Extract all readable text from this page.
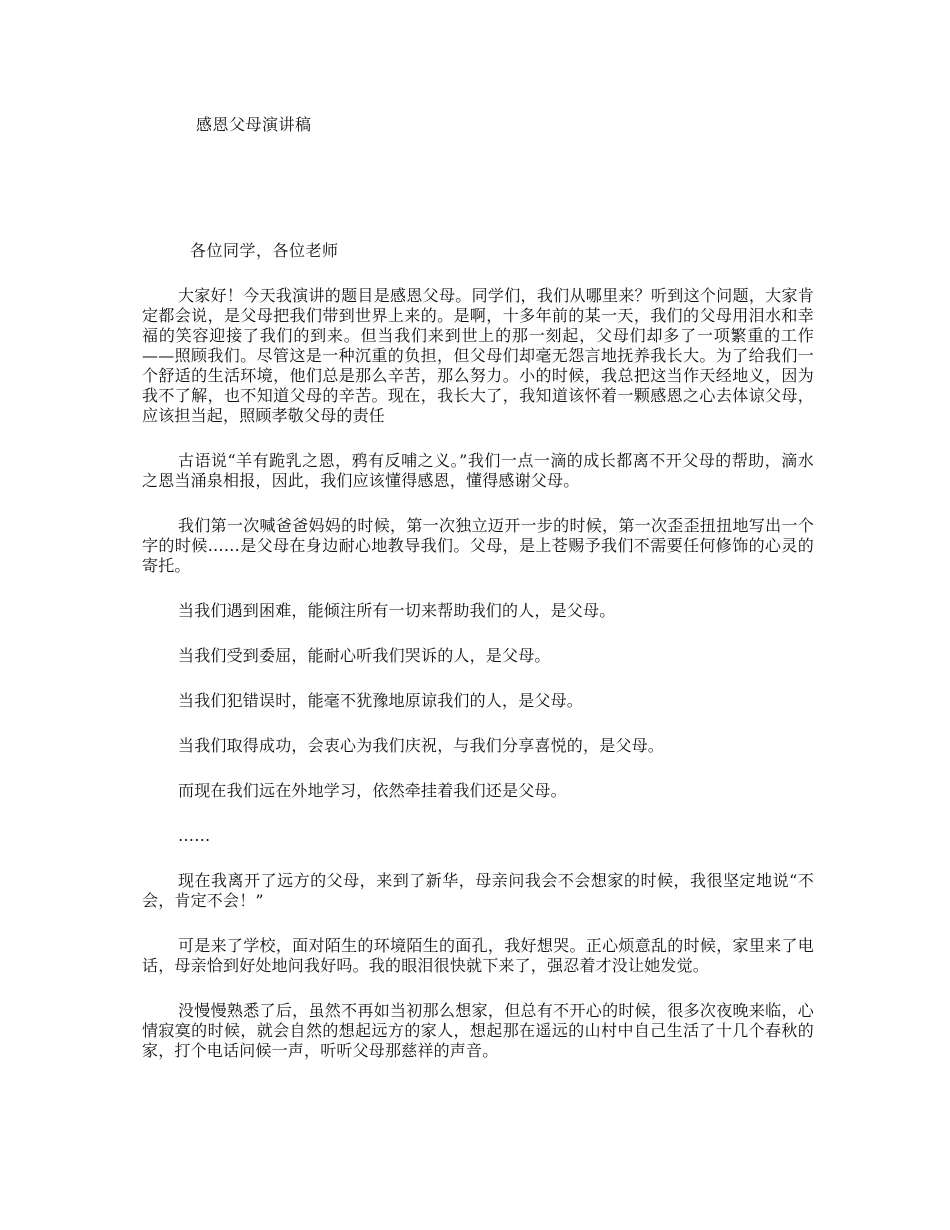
感恩父母演讲稿
各位同学，各位老师

大家好！今天我演讲的题目是感恩父母。同学们，我们从哪里来？听到这个问题，大家肯定都会说，是父母把我们带到世界上来的。是啊，十多年前的某一天，我们的父母用泪水和幸福的笑容迎接了我们的到来。但当我们来到世上的那一刻起，父母们却多了一项繁重的工作——照顾我们。尽管这是一种沉重的负担，但父母们却毫无怨言地抚养我长大。为了给我们一个舒适的生活环境，他们总是那么辛苦，那么努力。小的时候，我总把这当作天经地义，因为我不了解，也不知道父母的辛苦。现在，我长大了，我知道该怀着一颗感恩之心去体谅父母，应该担当起，照顾孝敬父母的责任

古语说“羊有跪乳之恩，鸦有反哺之义。”我们一点一滴的成长都离不开父母的帮助，滴水之恩当涌泉相报，因此，我们应该懂得感恩，懂得感谢父母。

我们第一次喊爸爸妈妈的时候，第一次独立迈开一步的时候，第一次歪歪扭扭地写出一个字的时候……是父母在身边耐心地教导我们。父母，是上苍赐予我们不需要任何修饰的心灵的寄托。

当我们遇到困难，能倾注所有一切来帮助我们的人，是父母。

当我们受到委屈，能耐心听我们哭诉的人，是父母。

当我们犯错误时，能毫不犹豫地原谅我们的人，是父母。

当我们取得成功，会衷心为我们庆祝，与我们分享喜悦的，是父母。

而现在我们远在外地学习，依然牵挂着我们还是父母。

……

现在我离开了远方的父母，来到了新华，母亲问我会不会想家的时候，我很坚定地说“不会，肯定不会！”

可是来了学校，面对陌生的环境陌生的面孔，我好想哭。正心烦意乱的时候，家里来了电话，母亲恰到好处地问我好吗。我的眼泪很快就下来了，强忍着才没让她发觉。

没慢慢熟悉了后，虽然不再如当初那么想家，但总有不开心的时候，很多次夜晚来临，心情寂寞的时候，就会自然的想起远方的家人，想起那在遥远的山村中自己生活了十几个春秋的家，打个电话问候一声，听听父母那慈祥的声音。
